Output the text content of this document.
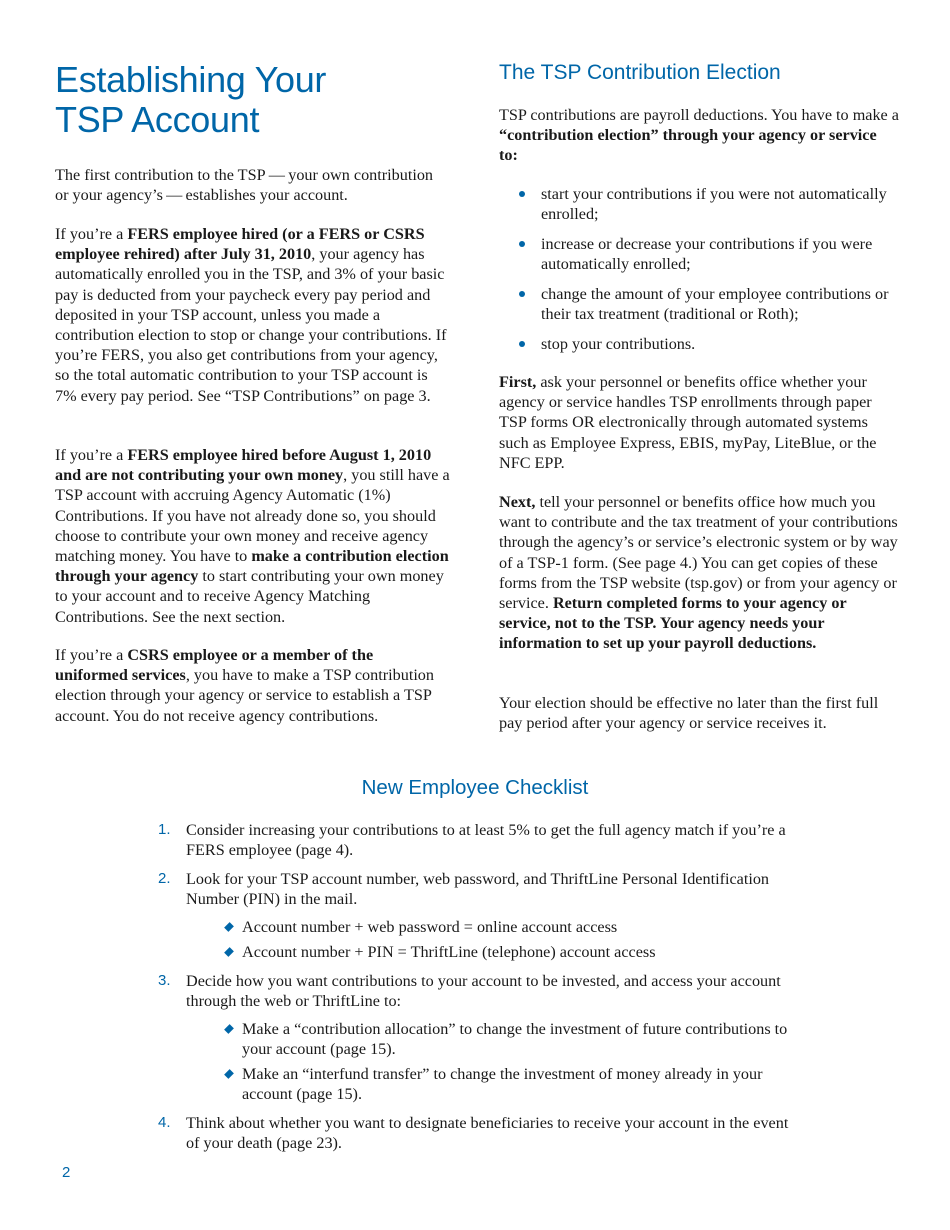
Establishing Your
TSP Account

The first contribution to the TSP — your own contribution or your agency’s — establishes your account.

If you’re a FERS employee hired (or a FERS or CSRS employee rehired) after July 31, 2010, your agency has automatically enrolled you in the TSP, and 3% of your basic pay is deducted from your paycheck every pay period and deposited in your TSP account, unless you made a contribution election to stop or change your contributions. If you’re FERS, you also get contributions from your agency, so the total automatic contribution to your TSP account is 7% every pay period. See “TSP Contributions” on page 3.

If you’re a FERS employee hired before August 1, 2010 and are not contributing your own money, you still have a TSP account with accruing Agency Automatic (1%) Contributions. If you have not already done so, you should choose to contribute your own money and receive agency matching money. You have to make a contribution election through your agency to start contributing your own money to your account and to receive Agency Matching Contributions. See the next section.

If you’re a CSRS employee or a member of the uniformed services, you have to make a TSP contribution election through your agency or service to establish a TSP account. You do not receive agency contributions.

The TSP Contribution Election

TSP contributions are payroll deductions. You have to make a “contribution election” through your agency or service to:

start your contributions if you were not automatically enrolled;
increase or decrease your contributions if you were automatically enrolled;
change the amount of your employee contributions or their tax treatment (traditional or Roth);
stop your contributions.

First, ask your personnel or benefits office whether your agency or service handles TSP enrollments through paper TSP forms OR electronically through automated systems such as Employee Express, EBIS, myPay, LiteBlue, or the NFC EPP.

Next, tell your personnel or benefits office how much you want to contribute and the tax treatment of your contributions through the agency’s or service’s electronic system or by way of a TSP-1 form. (See page 4.) You can get copies of these forms from the TSP website (tsp.gov) or from your agency or service. Return completed forms to your agency or service, not to the TSP. Your agency needs your information to set up your payroll deductions.

Your election should be effective no later than the first full pay period after your agency or service receives it.

New Employee Checklist
1. Consider increasing your contributions to at least 5% to get the full agency match if you’re a FERS employee (page 4).
2. Look for your TSP account number, web password, and ThriftLine Personal Identification Number (PIN) in the mail.
Account number + web password = online account access
Account number + PIN = ThriftLine (telephone) account access
3. Decide how you want contributions to your account to be invested, and access your account through the web or ThriftLine to:
Make a “contribution allocation” to change the investment of future contributions to your account (page 15).
Make an “interfund transfer” to change the investment of money already in your account (page 15).
4. Think about whether you want to designate beneficiaries to receive your account in the event of your death (page 23).
2
